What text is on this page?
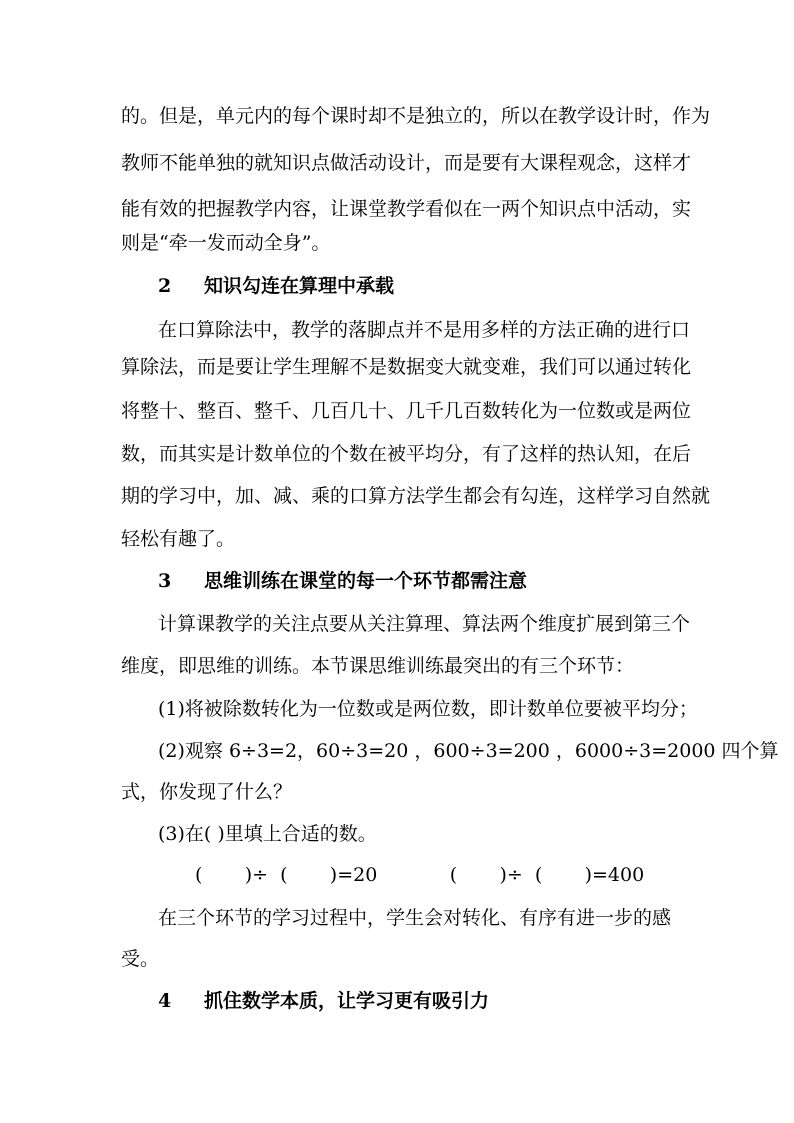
的。但是，单元内的每个课时却不是独立的，所以在教学设计时，作为
教师不能单独的就知识点做活动设计，而是要有大课程观念，这样才
能有效的把握教学内容，让课堂教学看似在一两个知识点中活动，实
则是“牵一发而动全身”。
2 知识勾连在算理中承载
在口算除法中，教学的落脚点并不是用多样的方法正确的进行口
算除法，而是要让学生理解不是数据变大就变难，我们可以通过转化
将整十、整百、整千、几百几十、几千几百数转化为一位数或是两位
数，而其实是计数单位的个数在被平均分，有了这样的热认知，在后
期的学习中，加、减、乘的口算方法学生都会有勾连，这样学习自然就
轻松有趣了。
3 思维训练在课堂的每一个环节都需注意
计算课教学的关注点要从关注算理、算法两个维度扩展到第三个
维度，即思维的训练。本节课思维训练最突出的有三个环节：
(1)将被除数转化为一位数或是两位数，即计数单位要被平均分；
(2)观察 6÷3=2，60÷3=20 ，600÷3=200 ，6000÷3=2000 四个算
式，你发现了什么？
(3)在( )里填上合适的数。
(       )÷  (       )=20            (       )÷  (       )=400
在三个环节的学习过程中，学生会对转化、有序有进一步的感
受。
4 抓住数学本质，让学习更有吸引力
